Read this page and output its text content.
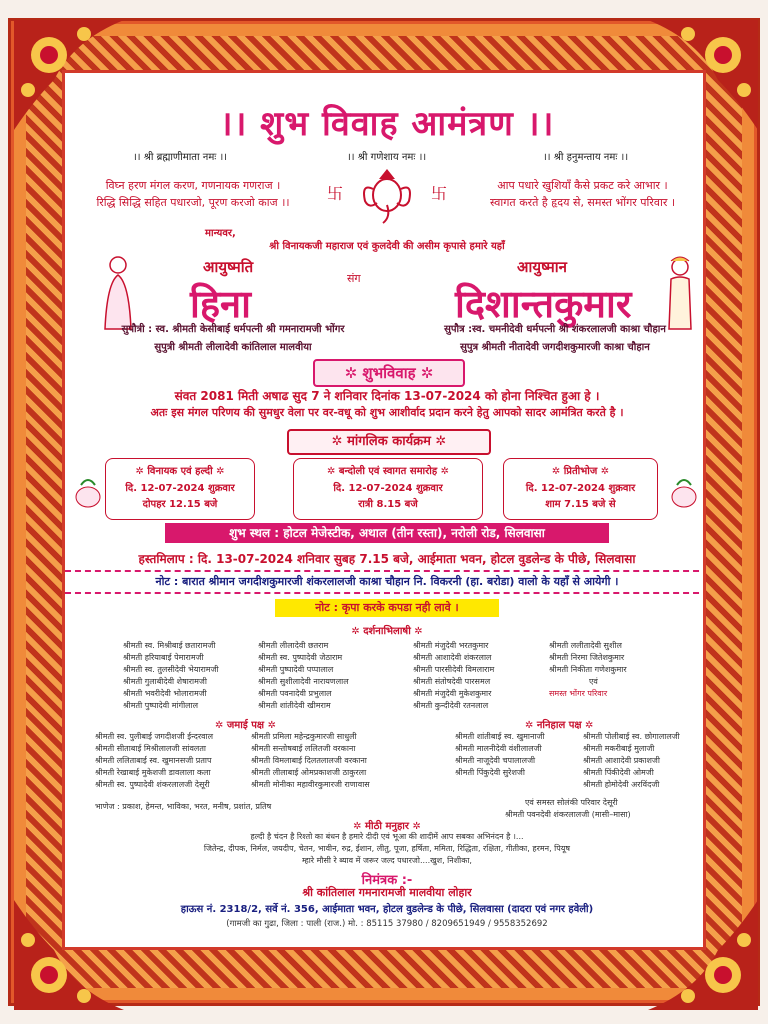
।। शुभ विवाह आमंत्रण ।।
।। श्री ब्रह्माणीमाता नमः ।।	।। श्री गणेशाय नमः ।।	।। श्री हनुमन्ताय नमः ।।
विघ्न हरण मंगल करण, गणनायक गणराज ।
रिद्धि सिद्धि सहित पधारजो, पूरण करजो काज ।।	卐	卐	आप पधारे खुशियाँ कैसे प्रकट करे आभार ।
स्वागत करते है हृदय से, समस्त भोंगर परिवार ।
मान्यवर,
श्री विनायकजी महाराज एवं कुलदेवी की असीम कृपासे हमारे यहाँ
आयुष्मति
संग
आयुष्मान
हिना	दिशान्तकुमार
सुपौत्री : स्व. श्रीमती केसीबाई धर्मपत्नी श्री गमनारामजी भोंगर
सुपुत्री श्रीमती लीलादेवी कांतिलाल मालवीया
सुपौत्र :स्व. चमनीदेवी धर्मपत्नी श्री शंकरलालजी काश्रा चौहान
सुपुत्र श्रीमती नीतादेवी जगदीशकुमारजी काश्रा चौहान
✲ शुभविवाह ✲
संवत 2081 मिती अषाढ सुद 7 ने शनिवार दिनांक 13-07-2024 को होना निश्चित हुआ हे ।
अतः इस मंगल परिणय की सुमधुर वेला पर वर-वधू को शुभ आशीर्वाद प्रदान करने हेतु आपको सादर आमंत्रित करते है ।
✲ मांगलिक कार्यक्रम ✲
✲ विनायक एवं हल्दी ✲
दि. 12-07-2024 शुक्रवार
दोपहर 12.15 बजे
✲ बन्दोली एवं स्वागत समारोह ✲
दि. 12-07-2024 शुक्रवार
रात्री 8.15 बजे
✲ प्रितीभोज ✲
दि. 12-07-2024 शुक्रवार
शाम 7.15 बजे से
शुभ स्थल : होटल मेजेस्टीक, अथाल (तीन रस्ता), नरोली रोड, सिलवासा
हस्तमिलाप : दि. 13-07-2024 शनिवार सुबह 7.15 बजे, आईमाता भवन, होटल वुडलेन्ड के पीछे, सिलवासा
नोट : बारात श्रीमान जगदीशकुमारजी शंकरलालजी काश्रा चौहान नि. विकरनी (हा. बरोडा) वालो के यहाँ से आयेगी ।
नोट : कृपा करके कपडा नही लावे ।
✲ दर्शनाभिलाषी ✲
श्रीमती स्व. मिश्रीबाई छतारामजी
श्रीमती हरियाबाई पेमारामजी
श्रीमती स्व. तुलसीदेवी भेयारामजी
श्रीमती गुलाबीदेवी शेषारामजी
श्रीमती भवरीदेवी भोलारामजी
श्रीमती पुष्पादेवी मांगीलाल
श्रीमती लीलादेवी छतराम
श्रीमती स्व. पुष्पादेवी जेठाराम
श्रीमती पुष्पादेवी पप्पालाल
श्रीमती सुशीलादेवी नारायणलाल
श्रीमती पवनादेवी प्रभुलाल
श्रीमती शांतीदेवी खीमराम
श्रीमती मंजुदेवी भरतकुमार
श्रीमती आशादेवी शंकरलाल
श्रीमती पारसीदेवी विमलाराम
श्रीमती संतोषदेवी पारसमल
श्रीमती मंजुदेवी मुकेशकुमार
श्रीमती कुन्दीदेवी रतनलाल
श्रीमती ललीतादेवी सुशील
श्रीमती निरमा जितेशकुमार
श्रीमती निकीता गणेशकुमार
एवं
समस्त भोंगर परिवार
✲ जमाई पक्ष ✲	✲ ननिहाल पक्ष ✲
श्रीमती स्व. पुलीबाई जगदीशजी ईन्दरवाल
श्रीमती सीताबाई मिश्रीलालजी सांवलता
श्रीमती ललिताबाई स्व. खुमानसजी प्रताप
श्रीमती रेखाबाई मुकेशजी डावलाला कला
श्रीमती स्व. पुष्पादेवी शंकरलालजी देसूरी
श्रीमती प्रमिला महेन्द्रकुमारजी साधुली
श्रीमती सन्तोषबाई ललितजी वरकाना
श्रीमती विमलाबाई दिलतलालजी वरकाना
श्रीमती लीलाबाई ओमप्रकाशजी ठाकुरला
श्रीमती मोनीका महावीरकुमारजी राणावास
श्रीमती शांतीबाई स्व. खुमानाजी
श्रीमती मालनीदेवी वंशीलालजी
श्रीमती नाजूदेवी चपालालजी
श्रीमती पिंकुदेवी सुरेशजी
श्रीमती पोलीबाई स्व. छोगालालजी
श्रीमती मकरीबाई मुलाजी
श्रीमती आशादेवी प्रकाशजी
श्रीमती पिंकीदेवी ओमजी
श्रीमती होमोदेवी अरविंदजी
एवं समस्त सोलंकी परिवार देसूरी
श्रीमती पवनदेवी शंकरलालजी (मासी–मासा)
भाणेज : प्रकाश, हेमन्त, भाविका, भरत, मनीष, प्रशांत, प्रतिष
✲ मीठी मनुहार ✲
हल्दी है चंदन है रिश्तो का बंधन है हमारे दीदी एवं भूआ की शादीमें आप सबका अभिनंदन है ।...
जितेन्द्र, दीपक, निर्मल, जयदीप, चेतन, भावीन, रुद्र, ईशान, लीतु, पूजा, हर्षिता, ममिता, रिद्धिता, रक्षिता, गीतीका, हरमन, पियूष
म्हारे मौसी रे ब्याव में जरूर जल्द पधारजो....खुश, निशीका,
निमंत्रक :-
श्री कांतिलाल गमनारामजी मालवीया लोहार
हाऊस नं. 2318/2, सर्वे नं. 356, आईमाता भवन, होटल वुडलेन्ड के पीछे, सिलवासा (दादरा एवं नगर हवेली)
(गामजी का गुढा, जिला : पाली (राज.) मो. : 85115 37980 / 8209651949 / 9558352692
